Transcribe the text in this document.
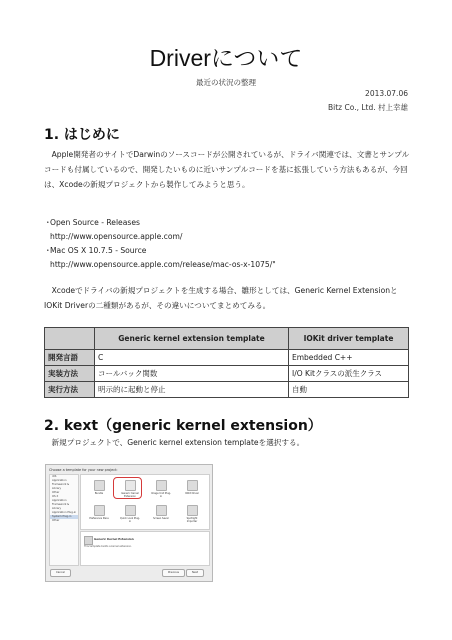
Driverについて
最近の状況の整理
2013.07.06
Bitz Co., Ltd. 村上幸雄
1. はじめに
　Apple開発者のサイトでDarwinのソースコードが公開されているが、ドライバ関連では、文書とサンプルコードも付属しているので、開発したいものに近いサンプルコードを基に拡張していう方法もあるが、今回は、Xcodeの新規プロジェクトから製作してみようと思う。
・
Open Source - Releases
http://www.opensource.apple.com/
・
Mac OS X 10.7.5 - Source
http://www.opensource.apple.com/release/mac-os-x-1075/"
　Xcodeでドライバの新規プロジェクトを生成する場合、雛形としては、Generic Kernel ExtensionとIOKit Driverの二種類があるが、その違いについてまとめてみる。
	Generic kernel extension template	IOKit driver template
開発言語	C	Embedded C++
実装方法	コールバック関数	I/O Kitクラスの派生クラス
実行方法	明示的に起動と停止	自動
2. kext（generic kernel extension）
　新規プロジェクトで、Generic kernel extension templateを選択する。
Choose a template for your new project:
iOS
Application
Framework & Library
Other
OS X
Application
Framework & Library
Application Plug-in
System Plug-in
Other
Bundle	Generic Kernel Extension
Image Unit Plug-in
IOKit Driver
Preference Pane	Quick Look Plug-in
Screen Saver	Spotlight Importer
Generic Kernel Extension
This template builds a kernel extension.
Cancel	Previous	Next
